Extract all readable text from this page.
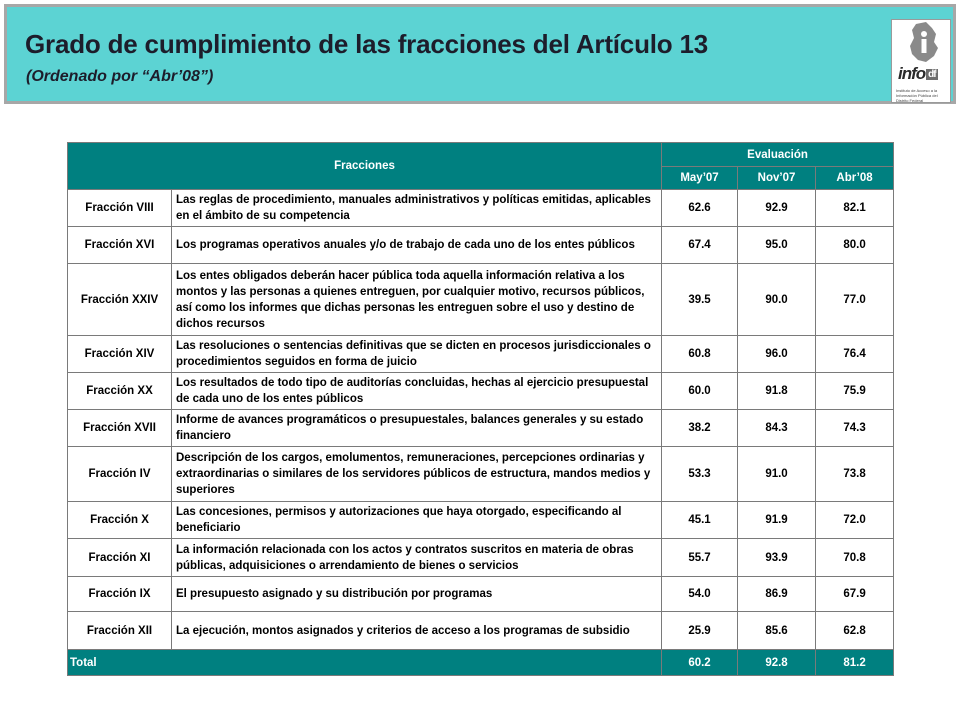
Grado de cumplimiento de las fracciones del Artículo 13
(Ordenado por “Abr’08”)	info df
Instituto de Acceso a la Información Pública del Distrito Federal
Fracciones		Evaluación		
		May’07	Nov’07	Abr’08
Fracción VIII	Las reglas de procedimiento, manuales administrativos y políticas emitidas, aplicables en el ámbito de su competencia	62.6	92.9	82.1
Fracción XVI	Los programas operativos anuales y/o de trabajo de cada uno de los entes públicos	67.4	95.0	80.0
Fracción XXIV	Los entes obligados deberán hacer pública toda aquella información relativa a los montos y las personas a quienes entreguen, por cualquier motivo, recursos públicos, así como los informes que dichas personas les entreguen sobre el uso y destino de dichos recursos	39.5	90.0	77.0
Fracción XIV	Las resoluciones o sentencias definitivas que se dicten en procesos jurisdiccionales o procedimientos seguidos en forma de juicio	60.8	96.0	76.4
Fracción XX	Los resultados de todo tipo de auditorías concluidas, hechas al ejercicio presupuestal de cada uno de los entes públicos	60.0	91.8	75.9
Fracción XVII	Informe de avances programáticos o presupuestales, balances generales y su estado financiero	38.2	84.3	74.3
Fracción IV	Descripción de los cargos, emolumentos, remuneraciones, percepciones ordinarias y extraordinarias o similares de los servidores públicos de estructura, mandos medios y superiores	53.3	91.0	73.8
Fracción X	Las concesiones, permisos y autorizaciones que haya otorgado, especificando al beneficiario	45.1	91.9	72.0
Fracción XI	La información relacionada con los actos y contratos suscritos en materia de obras públicas, adquisiciones o arrendamiento de bienes o servicios	55.7	93.9	70.8
Fracción IX	El presupuesto asignado y su distribución por programas	54.0	86.9	67.9
Fracción XII	La ejecución, montos asignados y criterios de acceso a los programas de subsidio	25.9	85.6	62.8
Total		60.2	92.8	81.2
